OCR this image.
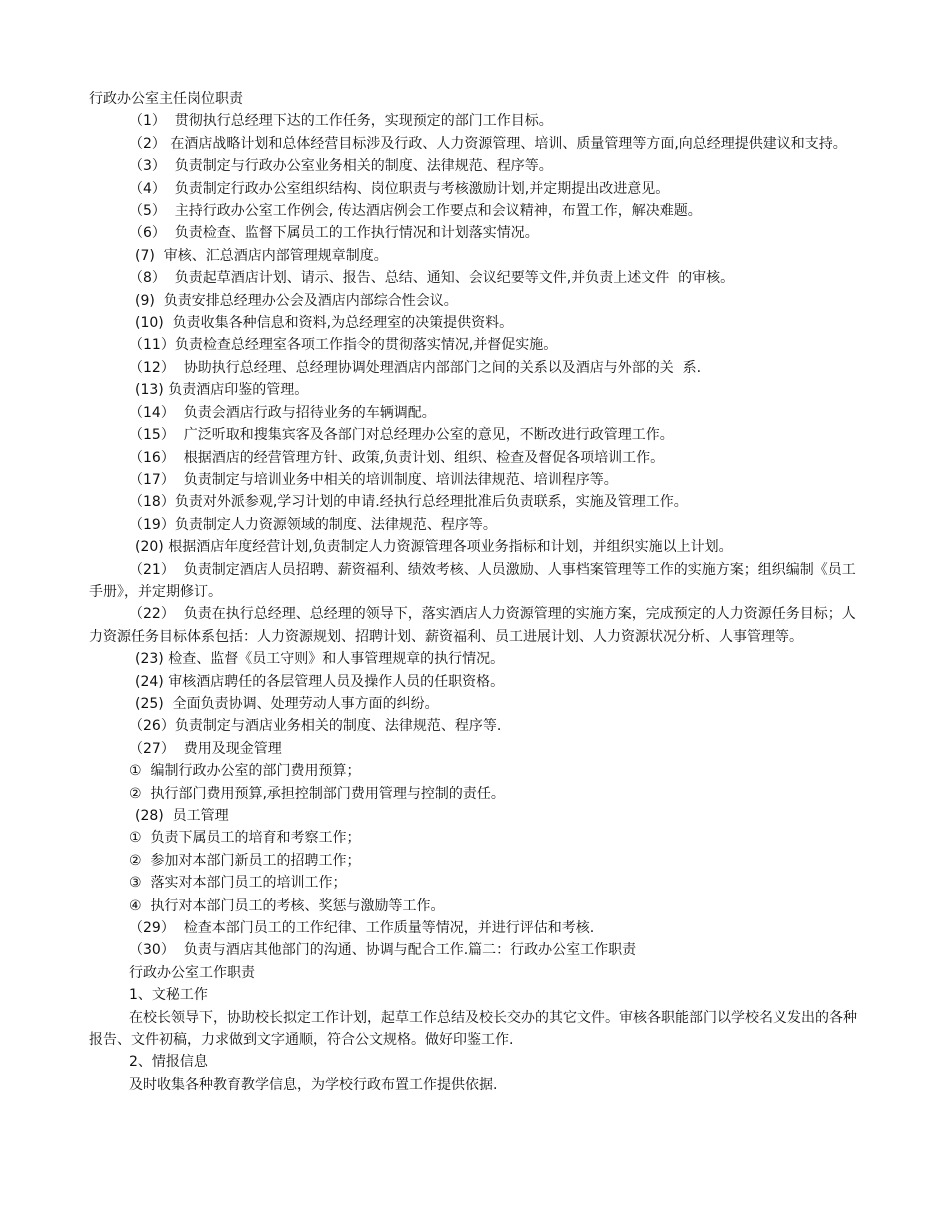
行政办公室主任岗位职责

（1）  贯彻执行总经理下达的工作任务，实现预定的部门工作目标。

（2） 在酒店战略计划和总体经营目标涉及行政、人力资源管理、培训、质量管理等方面,向总经理提供建议和支持。

（3）  负责制定与行政办公室业务相关的制度、法律规范、程序等。

（4）  负责制定行政办公室组织结构、岗位职责与考核激励计划,并定期提出改进意见。

（5）  主持行政办公室工作例会, 传达酒店例会工作要点和会议精神，布置工作，解决难题。

（6）  负责检查、监督下属员工的工作执行情况和计划落实情况。

(7)  审核、汇总酒店内部管理规章制度。

（8）  负责起草酒店计划、请示、报告、总结、通知、会议纪要等文件,并负责上述文件  的审核。

(9)  负责安排总经理办公会及酒店内部综合性会议。

(10)  负责收集各种信息和资料,为总经理室的决策提供资料。

（11）负责检查总经理室各项工作指令的贯彻落实情况,并督促实施。

（12）  协助执行总经理、总经理协调处理酒店内部部门之间的关系以及酒店与外部的关  系.

(13) 负责酒店印鉴的管理。

（14）  负责会酒店行政与招待业务的车辆调配。

（15）  广泛听取和搜集宾客及各部门对总经理办公室的意见，不断改进行政管理工作。

（16）  根据酒店的经营管理方针、政策,负责计划、组织、检查及督促各项培训工作。

（17）  负责制定与培训业务中相关的培训制度、培训法律规范、培训程序等。

（18）负责对外派参观,学习计划的申请.经执行总经理批准后负责联系，实施及管理工作。

（19）负责制定人力资源领域的制度、法律规范、程序等。

(20) 根据酒店年度经营计划,负责制定人力资源管理各项业务指标和计划，并组织实施以上计划。

（21）  负责制定酒店人员招聘、薪资福利、绩效考核、人员激励、人事档案管理等工作的实施方案；组织编制《员工手册》，并定期修订。

（22）  负责在执行总经理、总经理的领导下，落实酒店人力资源管理的实施方案，完成预定的人力资源任务目标；人力资源任务目标体系包括：人力资源规划、招聘计划、薪资福利、员工进展计划、人力资源状况分析、人事管理等。

(23) 检查、监督《员工守则》和人事管理规章的执行情况。

(24) 审核酒店聘任的各层管理人员及操作人员的任职资格。

(25)  全面负责协调、处理劳动人事方面的纠纷。

（26）负责制定与酒店业务相关的制度、法律规范、程序等.

（27）  费用及现金管理

①  编制行政办公室的部门费用预算；

②  执行部门费用预算,承担控制部门费用管理与控制的责任。

(28)  员工管理

①  负责下属员工的培育和考察工作；

②  参加对本部门新员工的招聘工作；

③  落实对本部门员工的培训工作；

④  执行对本部门员工的考核、奖惩与激励等工作。

（29）  检查本部门员工的工作纪律、工作质量等情况，并进行评估和考核.

（30）  负责与酒店其他部门的沟通、协调与配合工作.篇二：行政办公室工作职责

行政办公室工作职责

1、文秘工作

在校长领导下，协助校长拟定工作计划，起草工作总结及校长交办的其它文件。审核各职能部门以学校名义发出的各种报告、文件初稿，力求做到文字通顺，符合公文规格。做好印鉴工作.

2、情报信息

及时收集各种教育教学信息，为学校行政布置工作提供依据.
